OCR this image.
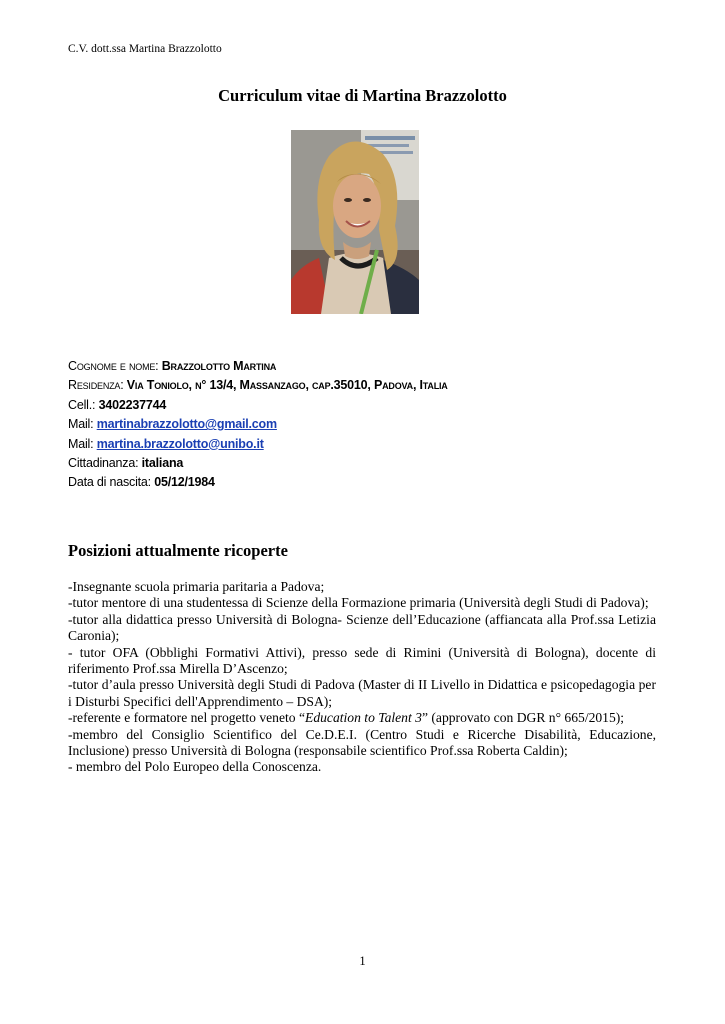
C.V. dott.ssa Martina Brazzolotto
Curriculum vitae di Martina Brazzolotto
Cognome e nome: Brazzolotto Martina
Residenza: Via Toniolo, n° 13/4, Massanzago, cap.35010, Padova, Italia
Cell.: 3402237744
Mail: martinabrazzolotto@gmail.com
Mail: martina.brazzolotto@unibo.it
Cittadinanza: italiana
Data di nascita: 05/12/1984
Posizioni attualmente ricoperte

-Insegnante scuola primaria paritaria a Padova;

-tutor mentore di una studentessa di Scienze della Formazione primaria (Università degli Studi di Padova);

-tutor alla didattica presso Università di Bologna- Scienze dell’Educazione (affiancata alla Prof.ssa Letizia Caronia);

- tutor OFA (Obblighi Formativi Attivi), presso sede di Rimini (Università di Bologna), docente di riferimento Prof.ssa Mirella D’Ascenzo;

-tutor d’aula presso Università degli Studi di Padova (Master di II Livello in Didattica e psicopedagogia per i Disturbi Specifici dell'Apprendimento – DSA);

-referente e formatore nel progetto veneto “Education to Talent 3” (approvato con DGR n° 665/2015);

-membro del Consiglio Scientifico del Ce.D.E.I. (Centro Studi e Ricerche Disabilità, Educazione, Inclusione) presso Università di Bologna (responsabile scientifico Prof.ssa Roberta Caldin);

- membro del Polo Europeo della Conoscenza.

1
